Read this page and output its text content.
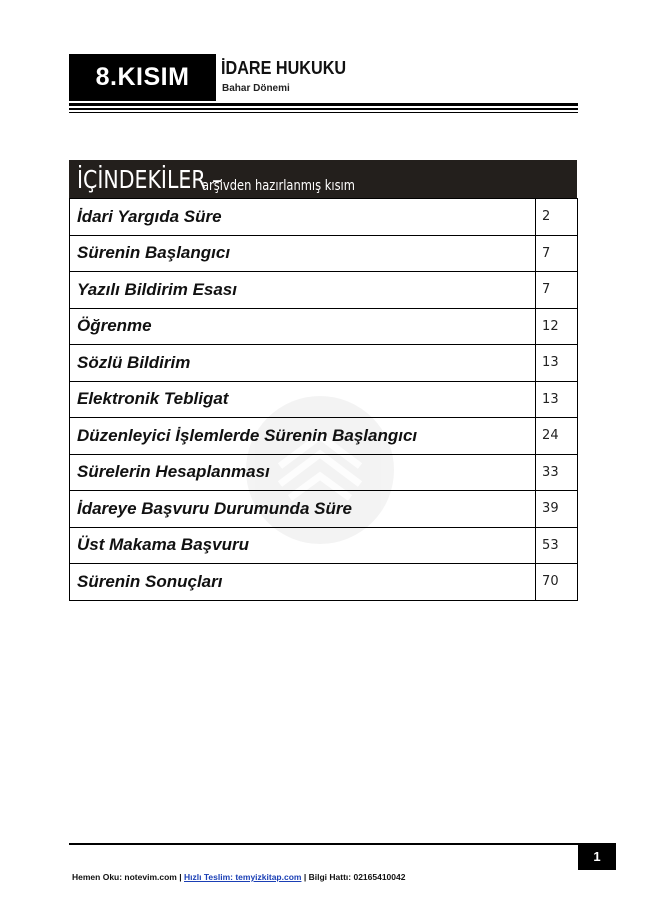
8.KISIM İDARE HUKUKU
Bahar Dönemi
İÇİNDEKİLER –
arşivden hazırlanmış kısım
İdari Yargıda Süre	2
Sürenin Başlangıcı	7
Yazılı Bildirim Esası	7
Öğrenme	12
Sözlü Bildirim	13
Elektronik Tebligat	13
Düzenleyici İşlemlerde Sürenin Başlangıcı	24
Sürelerin Hesaplanması	33
İdareye Başvuru Durumunda Süre	39
Üst Makama Başvuru	53
Sürenin Sonuçları	70
1
Hemen Oku: notevim.com | Hızlı Teslim: temyizkitap.com | Bilgi Hattı: 02165410042
